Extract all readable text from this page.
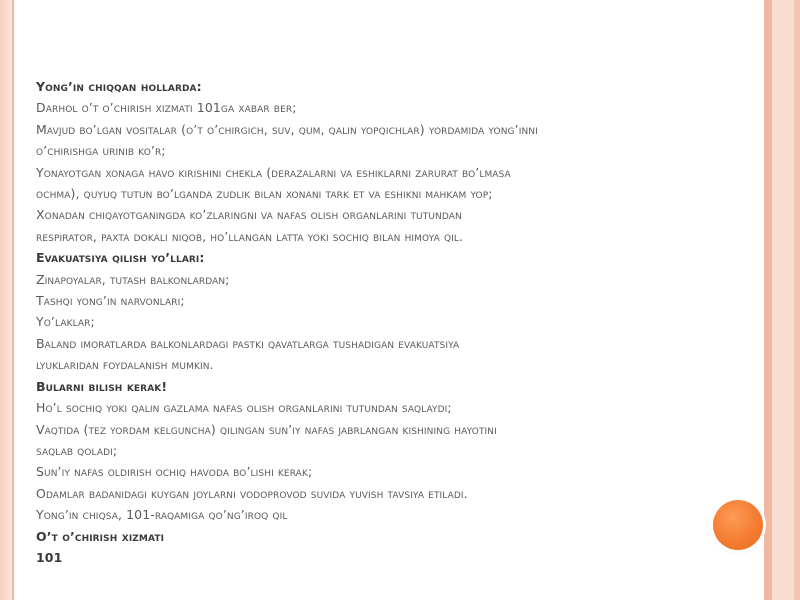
Yong’in chiqqan hollarda:
Darhol o’t o’chirish xizmati 101ga xabar ber;
Mavjud bo’lgan vositalar (o’t o’chirgich, suv, qum, qalin yopqichlar) yordamida yong’inni
o’chirishga urinib ko’r;
Yonayotgan xonaga havo kirishini chekla (derazalarni va eshiklarni zarurat bo’lmasa
ochma), quyuq tutun bo’lganda zudlik bilan xonani tark et va eshikni mahkam yop;
Xonadan chiqayotganingda ko’zlaringni va nafas olish organlarini tutundan
respirator, paxta dokali niqob, ho’llangan latta yoki sochiq bilan himoya qil.
Evakuatsiya qilish yo’llari:
Zinapoyalar, tutash balkonlardan;
Tashqi yong’in narvonlari;
Yo’laklar;
Baland imoratlarda balkonlardagi pastki qavatlarga tushadigan evakuatsiya
lyuklaridan foydalanish mumkin.
Bularni bilish kerak!
Ho’l sochiq yoki qalin gazlama nafas olish organlarini tutundan saqlaydi;
Vaqtida (tez yordam kelguncha) qilingan sun’iy nafas jabrlangan kishining hayotini
saqlab qoladi;
Sun’iy nafas oldirish ochiq havoda bo’lishi kerak;
Odamlar badanidagi kuygan joylarni vodoprovod suvida yuvish tavsiya etiladi.
Yong’in chiqsa, 101-raqamiga qo’ng’iroq qil
O’t o’chirish xizmati
101
